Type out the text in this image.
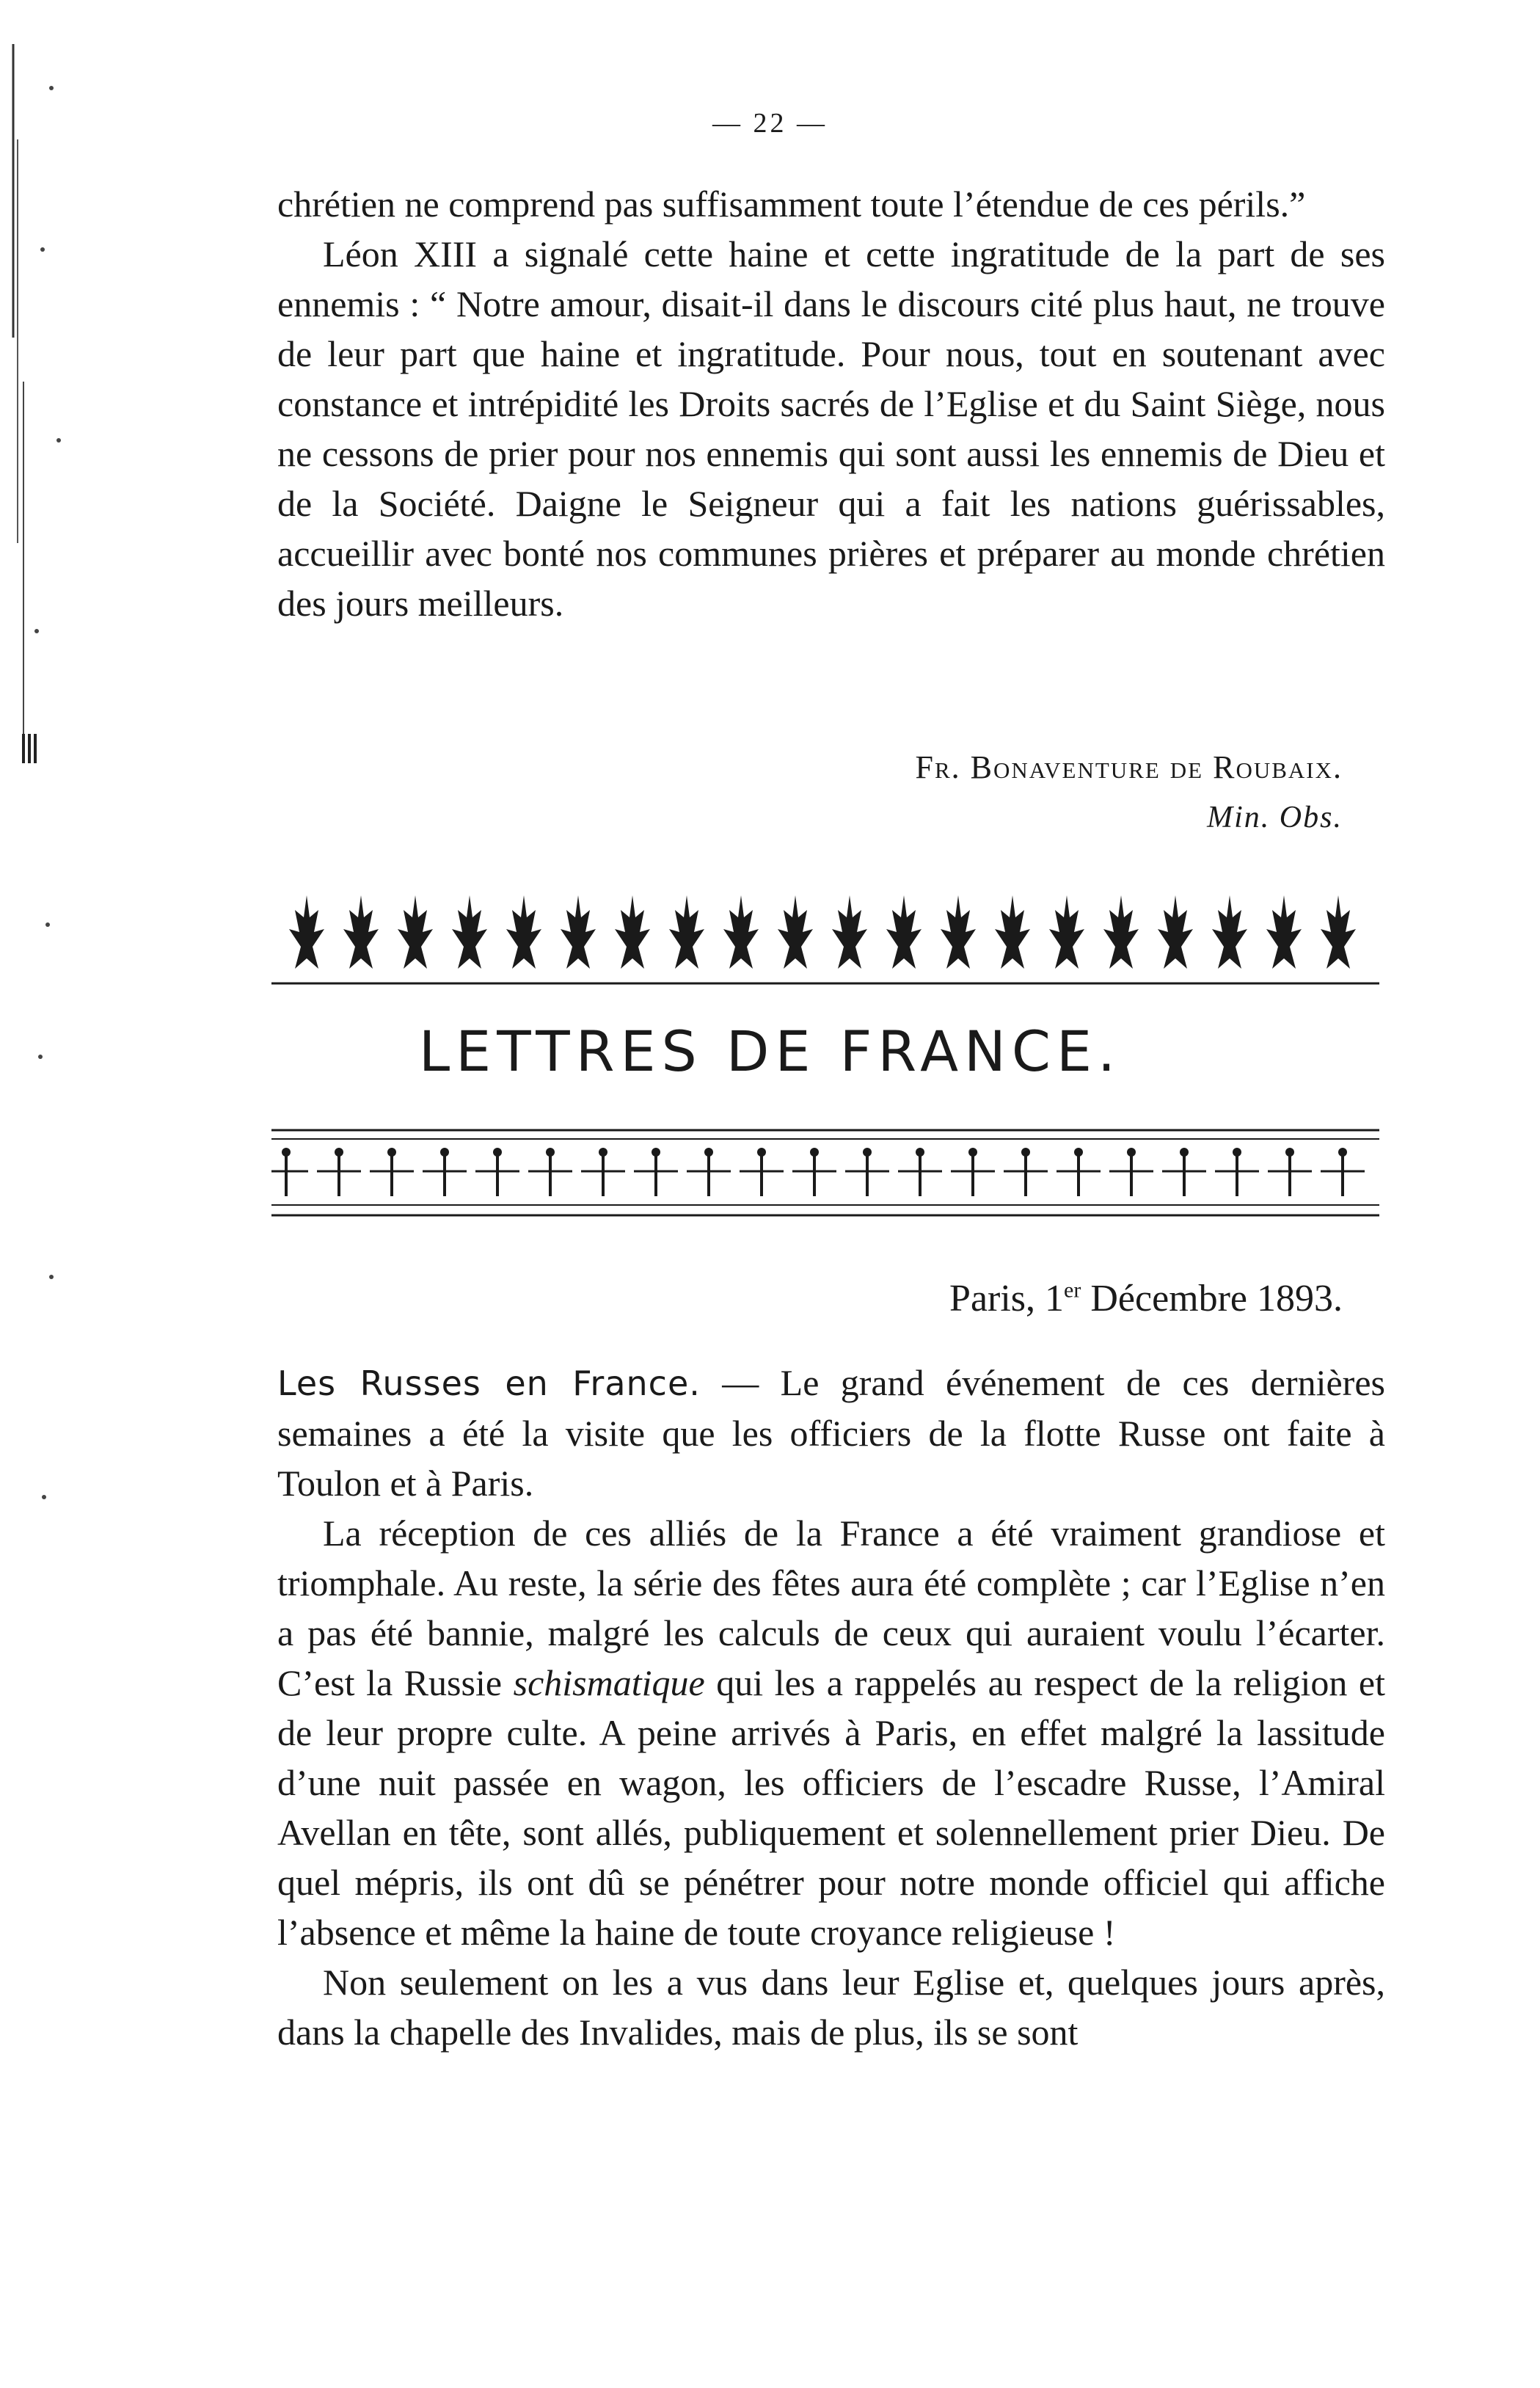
— 22 —

chrétien ne comprend pas suffisamment toute l’étendue de ces périls.”

Léon XIII a signalé cette haine et cette ingratitude de la part de ses ennemis : “ Notre amour, disait-il dans le discours cité plus haut, ne trouve de leur part que haine et ingratitude. Pour nous, tout en soutenant avec constance et intrépidité les Droits sacrés de l’Eglise et du Saint Siège, nous ne cessons de prier pour nos ennemis qui sont aussi les ennemis de Dieu et de la Société. Daigne le Seigneur qui a fait les nations guérissables, accueillir avec bonté nos communes prières et préparer au monde chrétien des jours meilleurs.

Fr. Bonaventure de Roubaix.
Min. Obs.
LETTRES DE FRANCE.
Paris, 1er Décembre 1893.

Les Russes en France. — Le grand événement de ces dernières semaines a été la visite que les officiers de la flotte Russe ont faite à Toulon et à Paris.

La réception de ces alliés de la France a été vraiment grandiose et triomphale. Au reste, la série des fêtes aura été complète ; car l’Eglise n’en a pas été bannie, malgré les calculs de ceux qui auraient voulu l’écarter. C’est la Russie schismatique qui les a rappelés au respect de la religion et de leur propre culte. A peine arrivés à Paris, en effet malgré la lassitude d’une nuit passée en wagon, les officiers de l’escadre Russe, l’Amiral Avellan en tête, sont allés, publiquement et solennellement prier Dieu. De quel mépris, ils ont dû se pénétrer pour notre monde officiel qui affiche l’absence et même la haine de toute croyance religieuse !

Non seulement on les a vus dans leur Eglise et, quelques jours après, dans la chapelle des Invalides, mais de plus, ils se sont
